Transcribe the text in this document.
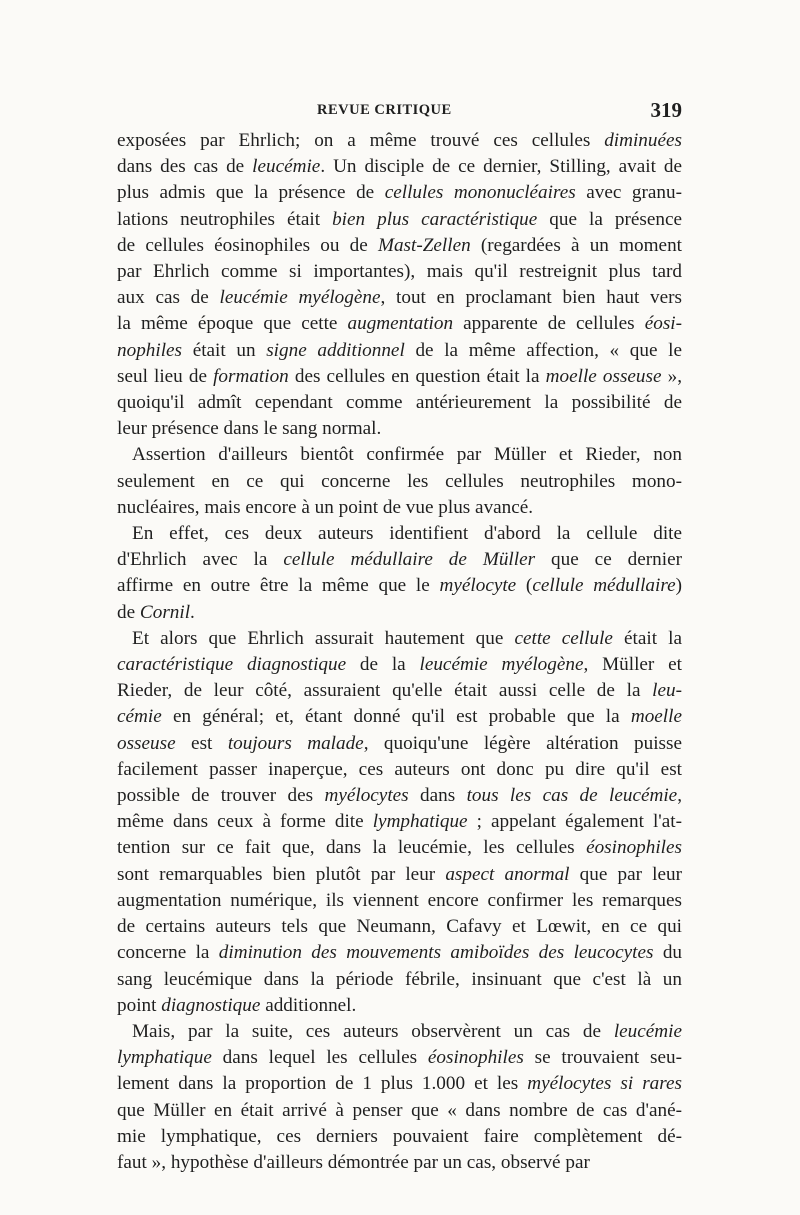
REVUE CRITIQUE	319
exposées par Ehrlich; on a même trouvé ces cellules diminuées
dans des cas de leucémie. Un disciple de ce dernier, Stilling, avait de
plus admis que la présence de cellules mononucléaires avec granu-
lations neutrophiles était bien plus caractéristique que la présence
de cellules éosinophiles ou de Mast-Zellen (regardées à un moment
par Ehrlich comme si importantes), mais qu'il restreignit plus tard
aux cas de leucémie myélogène, tout en proclamant bien haut vers
la même époque que cette augmentation apparente de cellules éosi-
nophiles était un signe additionnel de la même affection, « que le
seul lieu de formation des cellules en question était la moelle osseuse »,
quoiqu'il admît cependant comme antérieurement la possibilité de
leur présence dans le sang normal.
Assertion d'ailleurs bientôt confirmée par Müller et Rieder, non
seulement en ce qui concerne les cellules neutrophiles mono-
nucléaires, mais encore à un point de vue plus avancé.
En effet, ces deux auteurs identifient d'abord la cellule dite
d'Ehrlich avec la cellule médullaire de Müller que ce dernier
affirme en outre être la même que le myélocyte (cellule médullaire)
de Cornil.
Et alors que Ehrlich assurait hautement que cette cellule était la
caractéristique diagnostique de la leucémie myélogène, Müller et
Rieder, de leur côté, assuraient qu'elle était aussi celle de la leu-
cémie en général; et, étant donné qu'il est probable que la moelle
osseuse est toujours malade, quoiqu'une légère altération puisse
facilement passer inaperçue, ces auteurs ont donc pu dire qu'il est
possible de trouver des myélocytes dans tous les cas de leucémie,
même dans ceux à forme dite lymphatique ; appelant également l'at-
tention sur ce fait que, dans la leucémie, les cellules éosinophiles
sont remarquables bien plutôt par leur aspect anormal que par leur
augmentation numérique, ils viennent encore confirmer les remarques
de certains auteurs tels que Neumann, Cafavy et Lœwit, en ce qui
concerne la diminution des mouvements amiboïdes des leucocytes du
sang leucémique dans la période fébrile, insinuant que c'est là un
point diagnostique additionnel.
Mais, par la suite, ces auteurs observèrent un cas de leucémie
lymphatique dans lequel les cellules éosinophiles se trouvaient seu-
lement dans la proportion de 1 plus 1.000 et les myélocytes si rares
que Müller en était arrivé à penser que « dans nombre de cas d'ané-
mie lymphatique, ces derniers pouvaient faire complètement dé-
faut », hypothèse d'ailleurs démontrée par un cas, observé par
